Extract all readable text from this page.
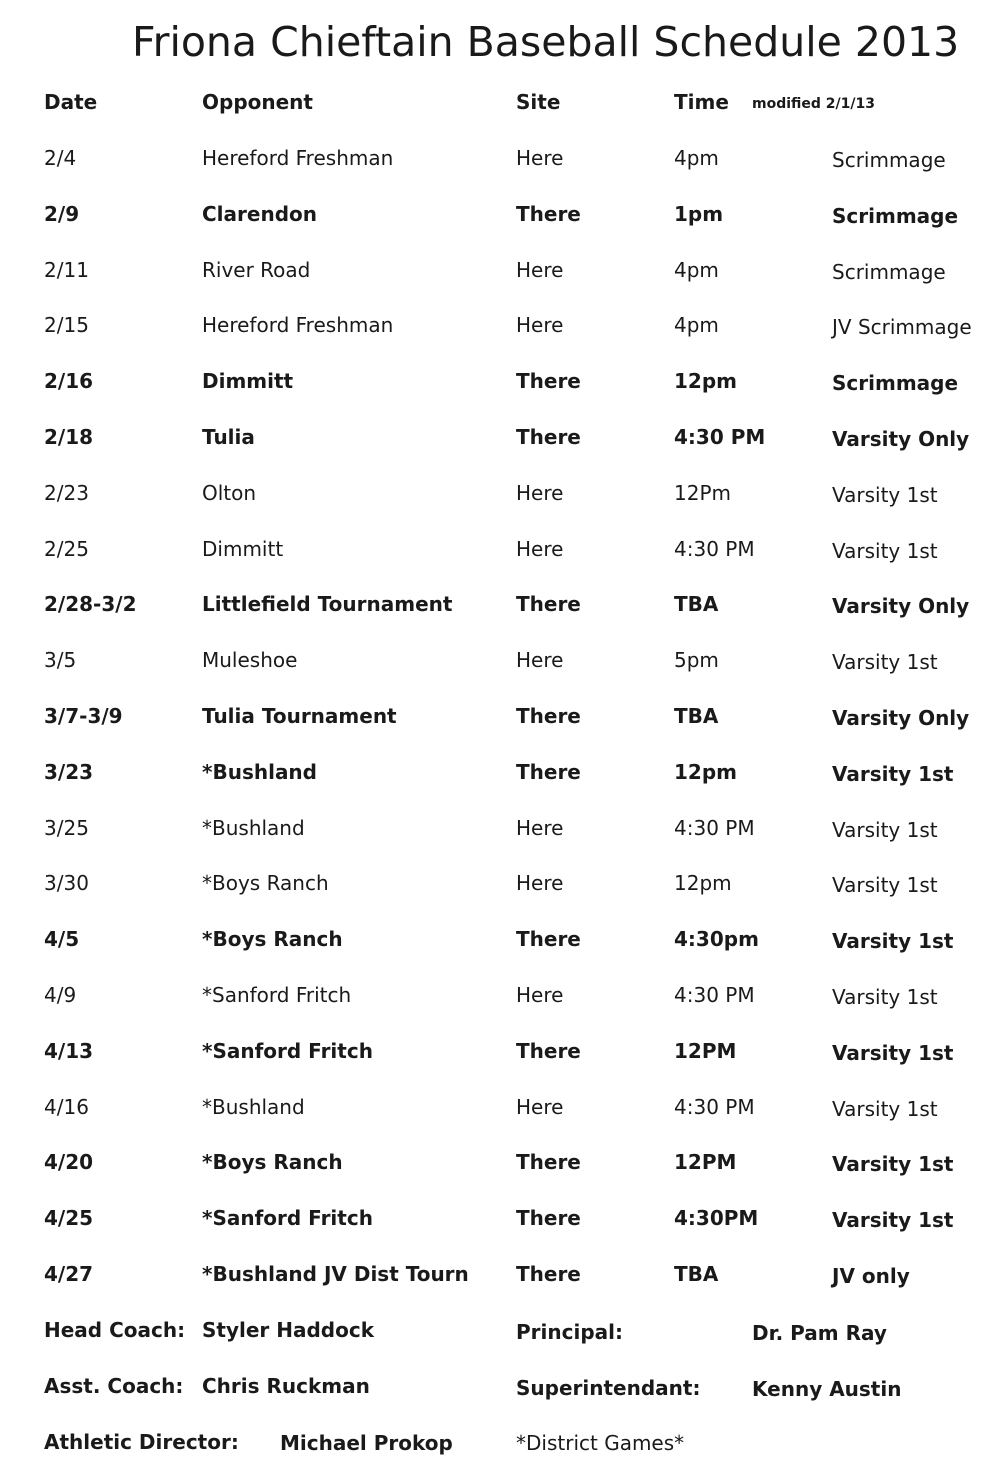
Friona Chieftain Baseball Schedule 2013
Date	Opponent	Site	Time modified 2/1/13
2/4	Hereford Freshman	Here	4pm	Scrimmage
2/9	Clarendon	There	1pm	Scrimmage
2/11	River Road	Here	4pm	Scrimmage
2/15	Hereford Freshman	Here	4pm	JV Scrimmage
2/16	Dimmitt	There	12pm	Scrimmage
2/18	Tulia	There	4:30 PM	Varsity Only
2/23	Olton	Here	12Pm	Varsity 1st
2/25	Dimmitt	Here	4:30 PM	Varsity 1st
2/28-3/2	Littlefield Tournament	There	TBA	Varsity Only
3/5	Muleshoe	Here	5pm	Varsity 1st
3/7-3/9	Tulia Tournament	There	TBA	Varsity Only
3/23	*Bushland	There	12pm	Varsity 1st
3/25	*Bushland	Here	4:30 PM	Varsity 1st
3/30	*Boys Ranch	Here	12pm	Varsity 1st
4/5	*Boys Ranch	There	4:30pm	Varsity 1st
4/9	*Sanford Fritch	Here	4:30 PM	Varsity 1st
4/13	*Sanford Fritch	There	12PM	Varsity 1st
4/16	*Bushland	Here	4:30 PM	Varsity 1st
4/20	*Boys Ranch	There	12PM	Varsity 1st
4/25	*Sanford Fritch	There	4:30PM	Varsity 1st
4/27	*Bushland JV Dist Tourn There	TBA	JV only
Head Coach: Styler Haddock	Principal:	Dr. Pam Ray
Asst. Coach: Chris Ruckman	Superintendant:	Kenny Austin
Athletic Director: Michael Prokop	*District Games*
